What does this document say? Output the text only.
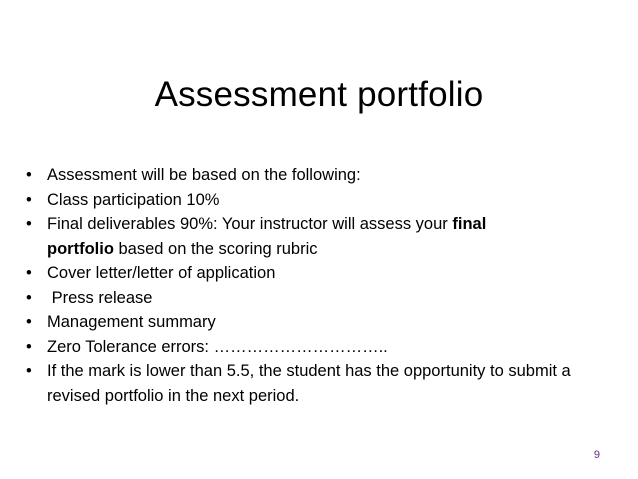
Assessment portfolio
•
Assessment will be based on the following:
•
Class participation 10%
•
Final deliverables 90%: Your instructor will assess your final
portfolio based on the scoring rubric
•
Cover letter/letter of application
•
Press release
•
Management summary
•
Zero Tolerance errors: …………………………..
•
If the mark is lower than 5.5, the student has the opportunity to submit a revised portfolio in the next period.
9
